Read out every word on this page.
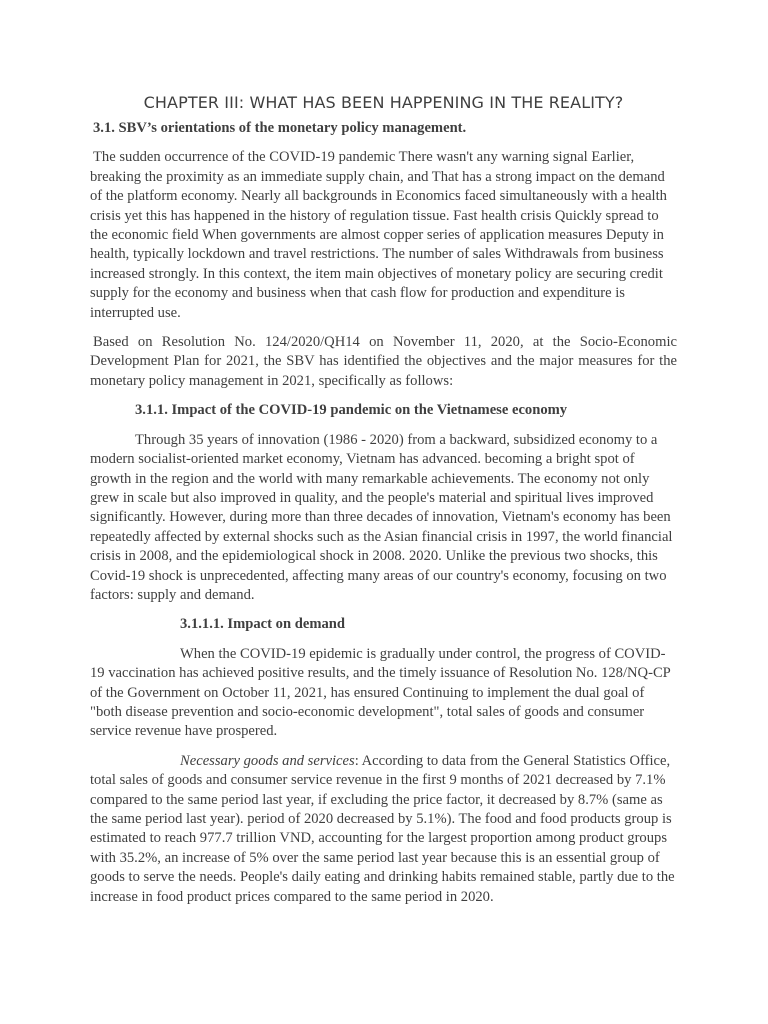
CHAPTER III: WHAT HAS BEEN HAPPENING IN THE REALITY?
3.1. SBV’s orientations of the monetary policy management.

The sudden occurrence of the COVID-19 pandemic There wasn't any warning signal Earlier, breaking the proximity as an immediate supply chain, and That has a strong impact on the demand of the platform economy. Nearly all backgrounds in Economics faced simultaneously with a health crisis yet this has happened in the history of regulation tissue. Fast health crisis Quickly spread to the economic field When governments are almost copper series of application measures Deputy in health, typically lockdown and travel restrictions. The number of sales Withdrawals from business increased strongly. In this context, the item main objectives of monetary policy are securing credit supply for the economy and business when that cash flow for production and expenditure is interrupted use.

Based on Resolution No. 124/2020/QH14 on November 11, 2020, at the Socio-Economic Development Plan for 2021, the SBV has identified the objectives and the major measures for the monetary policy management in 2021, specifically as follows:

3.1.1. Impact of the COVID-19 pandemic on the Vietnamese economy

Through 35 years of innovation (1986 - 2020) from a backward, subsidized economy to a modern socialist-oriented market economy, Vietnam has advanced. becoming a bright spot of growth in the region and the world with many remarkable achievements. The economy not only grew in scale but also improved in quality, and the people's material and spiritual lives improved significantly. However, during more than three decades of innovation, Vietnam's economy has been repeatedly affected by external shocks such as the Asian financial crisis in 1997, the world financial crisis in 2008, and the epidemiological shock in 2008. 2020. Unlike the previous two shocks, this Covid-19 shock is unprecedented, affecting many areas of our country's economy, focusing on two factors: supply and demand.

3.1.1.1. Impact on demand

When the COVID-19 epidemic is gradually under control, the progress of COVID-19 vaccination has achieved positive results, and the timely issuance of Resolution No. 128/NQ-CP of the Government on October 11, 2021, has ensured Continuing to implement the dual goal of "both disease prevention and socio-economic development", total sales of goods and consumer service revenue have prospered.

Necessary goods and services: According to data from the General Statistics Office, total sales of goods and consumer service revenue in the first 9 months of 2021 decreased by 7.1% compared to the same period last year, if excluding the price factor, it decreased by 8.7% (same as the same period last year). period of 2020 decreased by 5.1%). The food and food products group is estimated to reach 977.7 trillion VND, accounting for the largest proportion among product groups with 35.2%, an increase of 5% over the same period last year because this is an essential group of goods to serve the needs. People's daily eating and drinking habits remained stable, partly due to the increase in food product prices compared to the same period in 2020.
